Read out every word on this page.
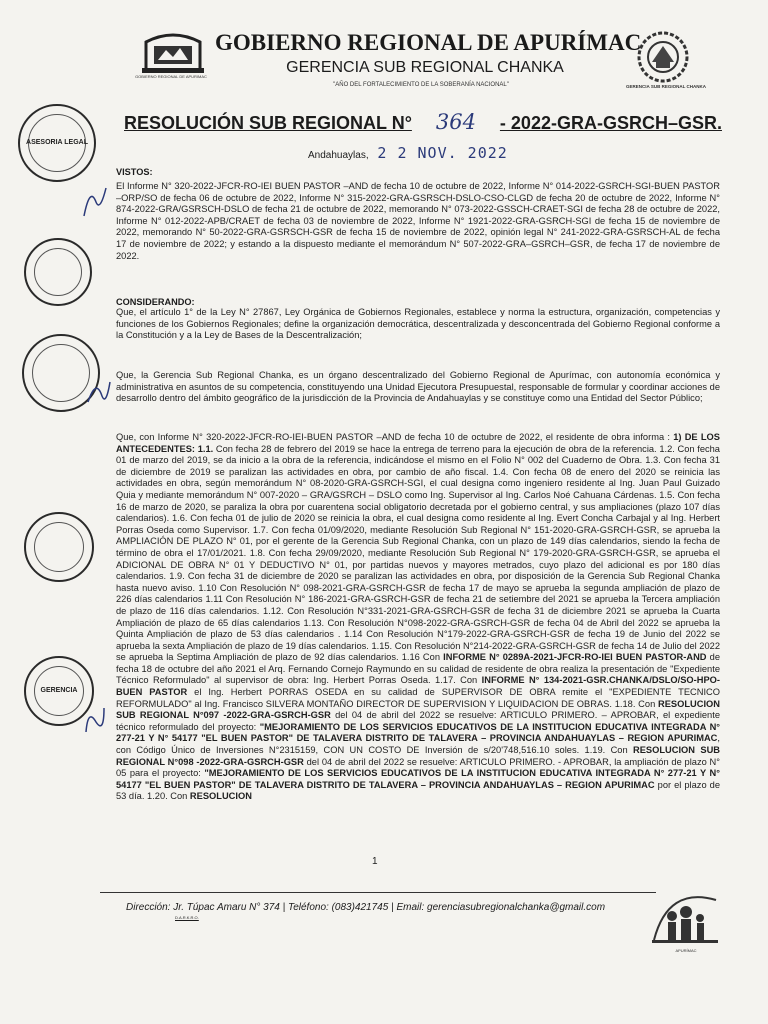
GOBIERNO REGIONAL DE APURIMAC
GERENCIA SUB REGIONAL CHANKA
GOBIERNO REGIONAL DE APURÍMAC
GERENCIA SUB REGIONAL CHANKA
"AÑO DEL FORTALECIMIENTO DE LA SOBERANÍA NACIONAL"
RESOLUCIÓN SUB REGIONAL N° 364 - 2022-GRA-GSRCH–GSR.
Andahuaylas, 2 2 NOV. 2022
ASESORIA LEGAL
GERENCIA
VISTOS:
El Informe N° 320-2022-JFCR-RO-IEI BUEN PASTOR –AND de fecha 10 de octubre de 2022, Informe N° 014-2022-GSRCH-SGI-BUEN PASTOR –ORP/SO de fecha 06 de octubre de 2022, Informe N° 315-2022-GRA-GSRSCH-DSLO-CSO-CLGD de fecha 20 de octubre de 2022, Informe N° 874-2022-GRA/GSRSCH-DSLO de fecha 21 de octubre de 2022, memorando N° 073-2022-GSSCH-CRAET-SGI de fecha 28 de octubre de 2022, Informe N° 012-2022-APB/CRAET de fecha 03 de noviembre de 2022, Informe N° 1921-2022-GRA-GSRCH-SGI de fecha 15 de noviembre de 2022, memorando N° 50-2022-GRA-GSRSCH-GSR de fecha 15 de noviembre de 2022, opinión legal N° 241-2022-GRA-GSRSCH-AL de fecha 17 de noviembre de 2022; y estando a la dispuesto mediante el memorándum N° 507-2022-GRA–GSRCH–GSR, de fecha 17 de noviembre de 2022.
CONSIDERANDO:
Que, el artículo 1° de la Ley N° 27867, Ley Orgánica de Gobiernos Regionales, establece y norma la estructura, organización, competencias y funciones de los Gobiernos Regionales; define la organización democrática, descentralizada y desconcentrada del Gobierno Regional conforme a la Constitución y a la Ley de Bases de la Descentralización;
Que, la Gerencia Sub Regional Chanka, es un órgano descentralizado del Gobierno Regional de Apurímac, con autonomía económica y administrativa en asuntos de su competencia, constituyendo una Unidad Ejecutora Presupuestal, responsable de formular y coordinar acciones de desarrollo dentro del ámbito geográfico de la jurisdicción de la Provincia de Andahuaylas y se constituye como una Entidad del Sector Público;
Que, con Informe N° 320-2022-JFCR-RO-IEI-BUEN PASTOR –AND de fecha 10 de octubre de 2022, el residente de obra informa : 1) DE LOS ANTECEDENTES: 1.1. Con fecha 28 de febrero del 2019 se hace la entrega de terreno para la ejecución de obra de la referencia. 1.2. Con fecha 01 de marzo del 2019, se da inicio a la obra de la referencia, indicándose el mismo en el Folio N° 002 del Cuaderno de Obra. 1.3. Con fecha 31 de diciembre de 2019 se paralizan las actividades en obra, por cambio de año fiscal. 1.4. Con fecha 08 de enero del 2020 se reinicia las actividades en obra, según memorándum N° 08-2020-GRA-GSRCH-SGI, el cual designa como ingeniero residente al Ing. Juan Paul Guizado Quia y mediante memorándum N° 007-2020 – GRA/GSRCH – DSLO como Ing. Supervisor al Ing. Carlos Noé Cahuana Cárdenas. 1.5. Con fecha 16 de marzo de 2020, se paraliza la obra por cuarentena social obligatorio decretada por el gobierno central, y sus ampliaciones (plazo 107 días calendarios). 1.6. Con fecha 01 de julio de 2020 se reinicia la obra, el cual designa como residente al Ing. Evert Concha Carbajal y al Ing. Herbert Porras Oseda como Supervisor. 1.7. Con fecha 01/09/2020, mediante Resolución Sub Regional N° 151-2020-GRA-GSRCH-GSR, se aprueba la AMPLIACIÓN DE PLAZO N° 01, por el gerente de la Gerencia Sub Regional Chanka, con un plazo de 149 días calendarios, siendo la fecha de término de obra el 17/01/2021. 1.8. Con fecha 29/09/2020, mediante Resolución Sub Regional N° 179-2020-GRA-GSRCH-GSR, se aprueba el ADICIONAL DE OBRA N° 01 Y DEDUCTIVO N° 01, por partidas nuevos y mayores metrados, cuyo plazo del adicional es por 180 días calendarios. 1.9. Con fecha 31 de diciembre de 2020 se paralizan las actividades en obra, por disposición de la Gerencia Sub Regional Chanka hasta nuevo aviso. 1.10 Con Resolución N° 098-2021-GRA-GSRCH-GSR de fecha 17 de mayo se aprueba la segunda ampliación de plazo de 226 días calendarios 1.11 Con Resolución N° 186-2021-GRA-GSRCH-GSR de fecha 21 de setiembre del 2021 se aprueba la Tercera ampliación de plazo de 116 días calendarios. 1.12. Con Resolución N°331-2021-GRA-GSRCH-GSR de fecha 31 de diciembre 2021 se aprueba la Cuarta Ampliación de plazo de 65 días calendarios 1.13. Con Resolución N°098-2022-GRA-GSRCH-GSR de fecha 04 de Abril del 2022 se aprueba la Quinta Ampliación de plazo de 53 días calendarios . 1.14 Con Resolución N°179-2022-GRA-GSRCH-GSR de fecha 19 de Junio del 2022 se aprueba la sexta Ampliación de plazo de 19 días calendarios. 1.15. Con Resolución N°214-2022-GRA-GSRCH-GSR de fecha 14 de Julio del 2022 se aprueba la Septima Ampliación de plazo de 92 días calendarios. 1.16 Con INFORME N° 0289A-2021-JFCR-RO-IEI BUEN PASTOR-AND de fecha 18 de octubre del año 2021 el Arq. Fernando Cornejo Raymundo en su calidad de residente de obra realiza la presentación de "Expediente Técnico Reformulado" al supervisor de obra: Ing. Herbert Porras Oseda. 1.17. Con INFORME N° 134-2021-GSR.CHANKA/DSLO/SO-HPO-BUEN PASTOR el Ing. Herbert PORRAS OSEDA en su calidad de SUPERVISOR DE OBRA remite el "EXPEDIENTE TECNICO REFORMULADO" al Ing. Francisco SILVERA MONTAÑO DIRECTOR DE SUPERVISION Y LIQUIDACION DE OBRAS. 1.18. Con RESOLUCION SUB REGIONAL N°097 -2022-GRA-GSRCH-GSR del 04 de abril del 2022 se resuelve: ARTICULO PRIMERO. – APROBAR, el expediente técnico reformulado del proyecto: "MEJORAMIENTO DE LOS SERVICIOS EDUCATIVOS DE LA INSTITUCION EDUCATIVA INTEGRADA N° 277-21 Y N° 54177 "EL BUEN PASTOR" DE TALAVERA DISTRITO DE TALAVERA – PROVINCIA ANDAHUAYLAS – REGION APURIMAC, con Código Único de Inversiones N°2315159, CON UN COSTO DE Inversión de s/20'748,516.10 soles. 1.19. Con RESOLUCION SUB REGIONAL N°098 -2022-GRA-GSRCH-GSR del 04 de abril del 2022 se resuelve: ARTICULO PRIMERO. - APROBAR, la ampliación de plazo N° 05 para el proyecto: "MEJORAMIENTO DE LOS SERVICIOS EDUCATIVOS DE LA INSTITUCION EDUCATIVA INTEGRADA N° 277-21 Y N° 54177 "EL BUEN PASTOR" DE TALAVERA DISTRITO DE TALAVERA – PROVINCIA ANDAHUAYLAS – REGION APURIMAC por el plazo de 53 día. 1.20. Con RESOLUCION
1
Dirección: Jr. Túpac Amaru N° 374 | Teléfono: (083)421745 | Email: gerenciasubregionalchanka@gmail.com
D.A.R.K.R.O.
APURÍMAC
